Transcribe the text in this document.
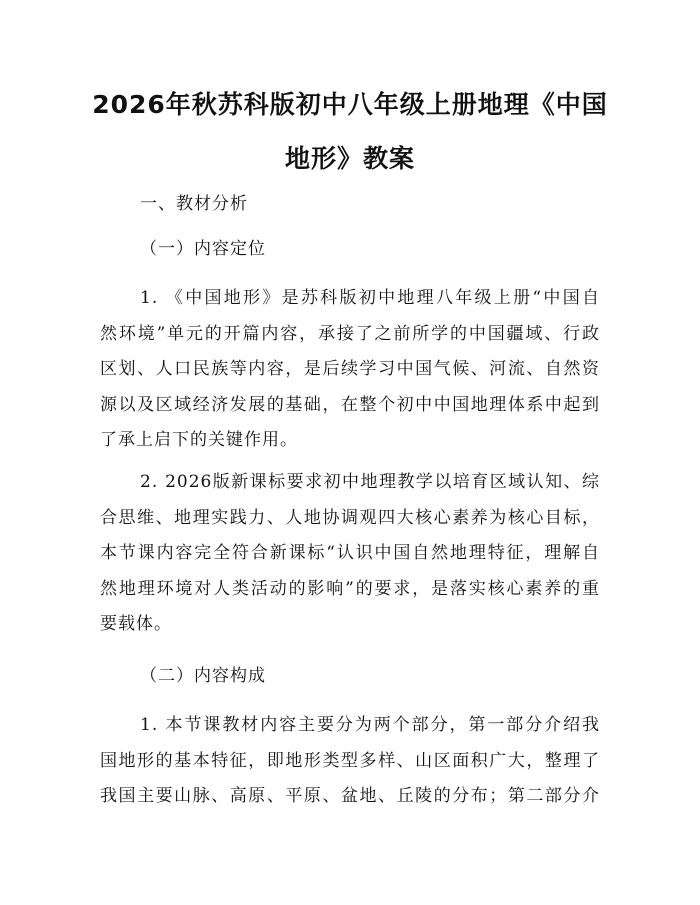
2026年秋苏科版初中八年级上册地理《中国
地形》教案
一、教材分析
（一）内容定位
1. 《中国地形》是苏科版初中地理八年级上册“中国自
然环境”单元的开篇内容，承接了之前所学的中国疆域、行政
区划、人口民族等内容，是后续学习中国气候、河流、自然资
源以及区域经济发展的基础，在整个初中中国地理体系中起到
了承上启下的关键作用。
2. 2026版新课标要求初中地理教学以培育区域认知、综
合思维、地理实践力、人地协调观四大核心素养为核心目标，
本节课内容完全符合新课标“认识中国自然地理特征，理解自
然地理环境对人类活动的影响”的要求，是落实核心素养的重
要载体。
（二）内容构成
1. 本节课教材内容主要分为两个部分，第一部分介绍我
国地形的基本特征，即地形类型多样、山区面积广大，整理了
我国主要山脉、高原、平原、盆地、丘陵的分布；第二部分介
